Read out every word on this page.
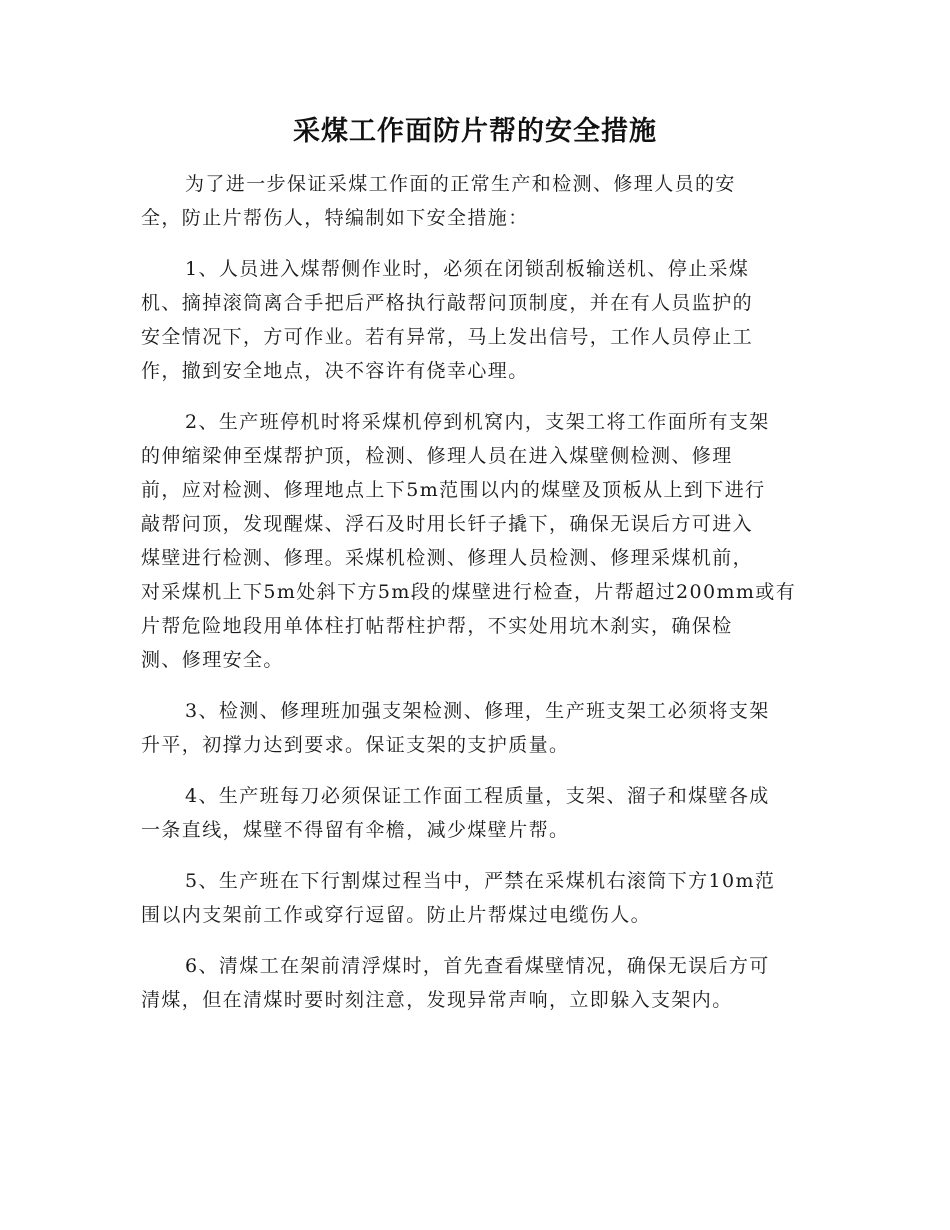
采煤工作面防片帮的安全措施
为了进一步保证采煤工作面的正常生产和检测、修理人员的安
全，防止片帮伤人，特编制如下安全措施：
1、人员进入煤帮侧作业时，必须在闭锁刮板输送机、停止采煤
机、摘掉滚筒离合手把后严格执行敲帮问顶制度，并在有人员监护的
安全情况下，方可作业。若有异常，马上发出信号，工作人员停止工
作，撤到安全地点，决不容许有侥幸心理。
2、生产班停机时将采煤机停到机窝内，支架工将工作面所有支架
的伸缩梁伸至煤帮护顶，检测、修理人员在进入煤壁侧检测、修理
前，应对检测、修理地点上下5m范围以内的煤壁及顶板从上到下进行
敲帮问顶，发现醒煤、浮石及时用长钎子撬下，确保无误后方可进入
煤壁进行检测、修理。采煤机检测、修理人员检测、修理采煤机前，
对采煤机上下5m处斜下方5m段的煤壁进行检查，片帮超过200mm或有
片帮危险地段用单体柱打帖帮柱护帮，不实处用坑木刹实，确保检
测、修理安全。
3、检测、修理班加强支架检测、修理，生产班支架工必须将支架
升平，初撑力达到要求。保证支架的支护质量。
4、生产班每刀必须保证工作面工程质量，支架、溜子和煤壁各成
一条直线，煤壁不得留有伞檐，减少煤壁片帮。
5、生产班在下行割煤过程当中，严禁在采煤机右滚筒下方10m范
围以内支架前工作或穿行逗留。防止片帮煤过电缆伤人。
6、清煤工在架前清浮煤时，首先查看煤壁情况，确保无误后方可
清煤，但在清煤时要时刻注意，发现异常声响，立即躲入支架内。
